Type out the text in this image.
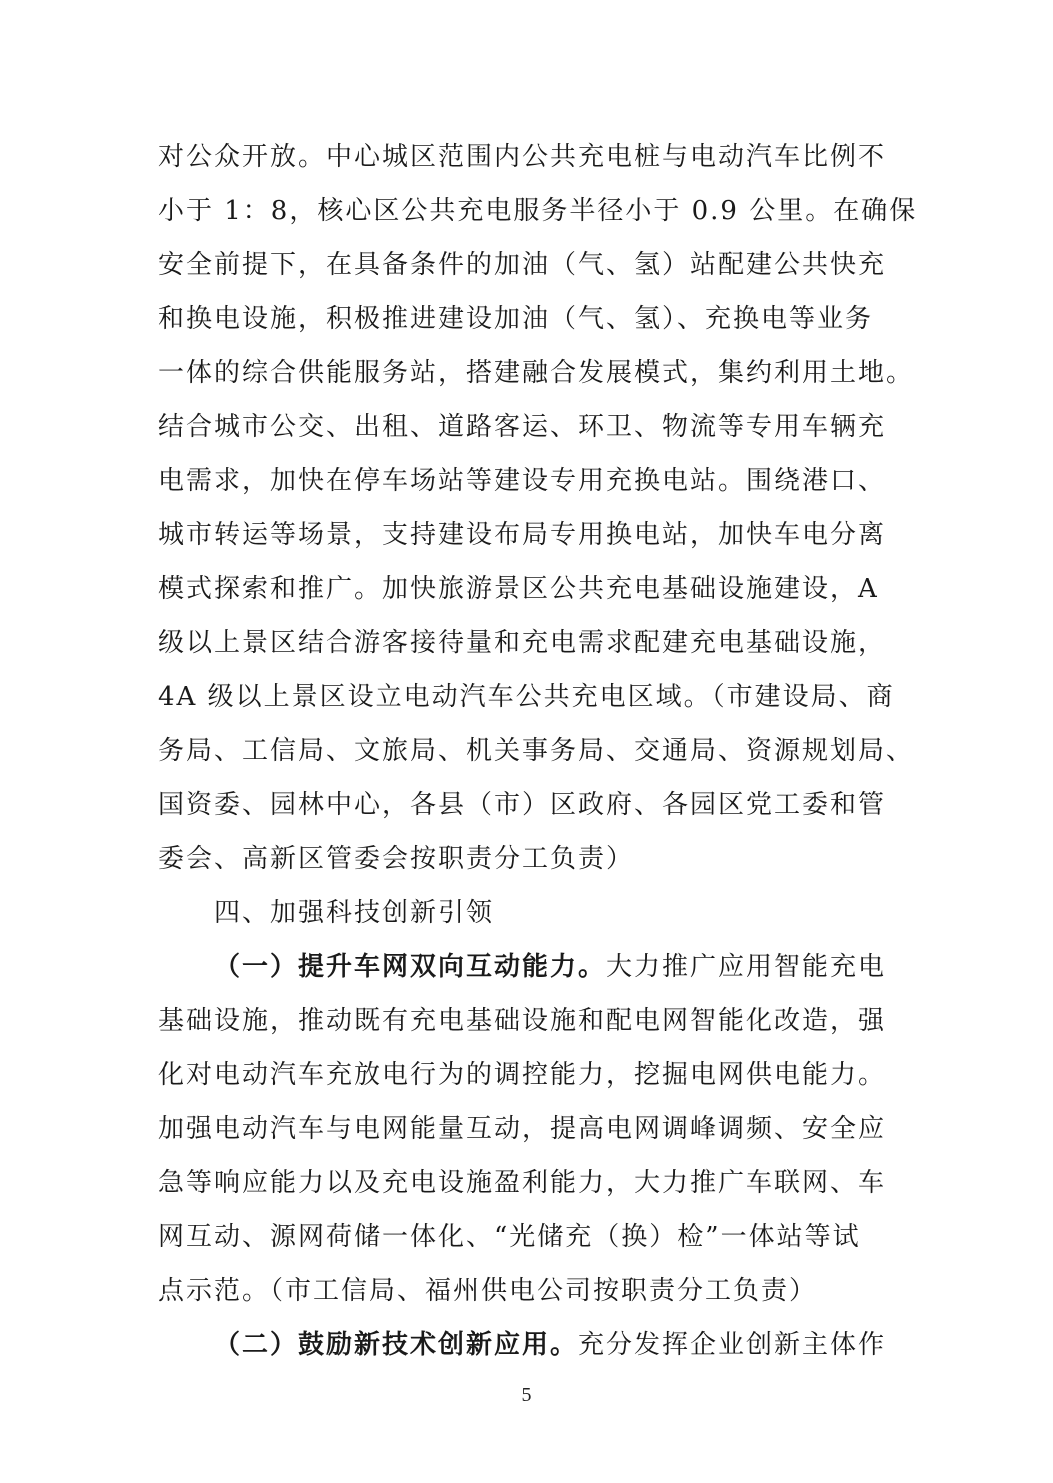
对公众开放。中心城区范围内公共充电桩与电动汽车比例不
小于 1：8，核心区公共充电服务半径小于 0.9 公里。在确保
安全前提下，在具备条件的加油（气、氢）站配建公共快充
和换电设施，积极推进建设加油（气、氢）、充换电等业务
一体的综合供能服务站，搭建融合发展模式，集约利用土地。
结合城市公交、出租、道路客运、环卫、物流等专用车辆充
电需求，加快在停车场站等建设专用充换电站。围绕港口、
城市转运等场景，支持建设布局专用换电站，加快车电分离
模式探索和推广。加快旅游景区公共充电基础设施建设，A
级以上景区结合游客接待量和充电需求配建充电基础设施，
4A 级以上景区设立电动汽车公共充电区域。（市建设局、商
务局、工信局、文旅局、机关事务局、交通局、资源规划局、
国资委、园林中心，各县（市）区政府、各园区党工委和管
委会、高新区管委会按职责分工负责）
四、加强科技创新引领
（一）提升车网双向互动能力。大力推广应用智能充电
基础设施，推动既有充电基础设施和配电网智能化改造，强
化对电动汽车充放电行为的调控能力，挖掘电网供电能力。
加强电动汽车与电网能量互动，提高电网调峰调频、安全应
急等响应能力以及充电设施盈利能力，大力推广车联网、车
网互动、源网荷储一体化、“光储充（换）检”一体站等试
点示范。（市工信局、福州供电公司按职责分工负责）
（二）鼓励新技术创新应用。充分发挥企业创新主体作
5
